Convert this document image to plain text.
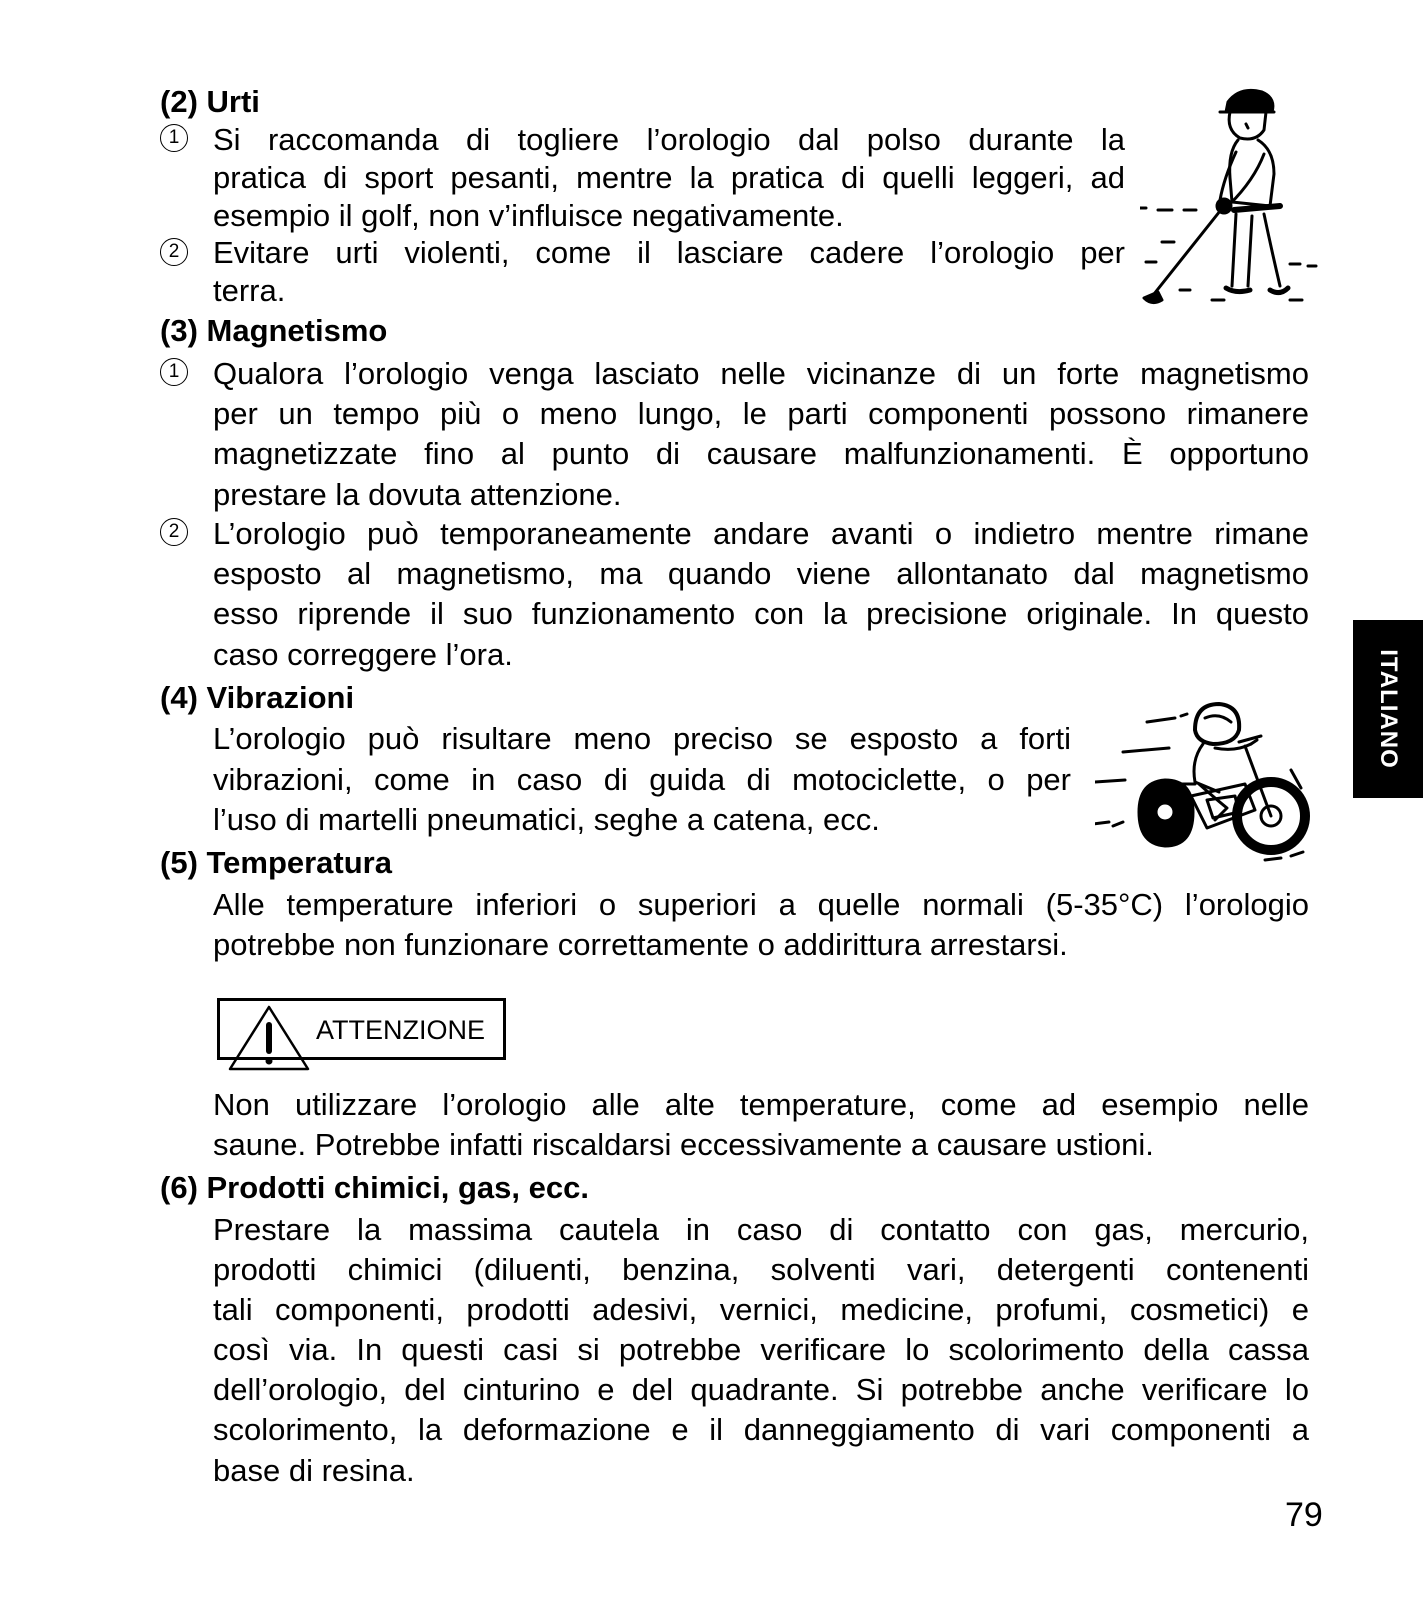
(2) Urti
1 Si raccomanda di togliere l’orologio dal polso durante la
pratica di sport pesanti, mentre la pratica di quelli leggeri, ad
esempio il golf, non v’influisce negativamente.
2 Evitare urti violenti, come il lasciare cadere l’orologio per
terra.
(3) Magnetismo
1 Qualora l’orologio venga lasciato nelle vicinanze di un forte magnetismo
per un tempo più o meno lungo, le parti componenti possono rimanere
magnetizzate fino al punto di causare malfunzionamenti. È opportuno
prestare la dovuta attenzione.
2 L’orologio può temporaneamente andare avanti o indietro mentre rimane
esposto al magnetismo, ma quando viene allontanato dal magnetismo
esso riprende il suo funzionamento con la precisione originale. In questo
caso correggere l’ora.	ITALIANO
(4) Vibrazioni
L’orologio può risultare meno preciso se esposto a forti
vibrazioni, come in caso di guida di motociclette, o per
l’uso di martelli pneumatici, seghe a catena, ecc.
(5) Temperatura
Alle temperature inferiori o superiori a quelle normali (5-35°C) l’orologio
potrebbe non funzionare correttamente o addirittura arrestarsi.
ATTENZIONE
Non utilizzare l’orologio alle alte temperature, come ad esempio nelle
saune. Potrebbe infatti riscaldarsi eccessivamente a causare ustioni.
(6) Prodotti chimici, gas, ecc.
Prestare la massima cautela in caso di contatto con gas, mercurio,
prodotti chimici (diluenti, benzina, solventi vari, detergenti contenenti
tali componenti, prodotti adesivi, vernici, medicine, profumi, cosmetici) e
così via. In questi casi si potrebbe verificare lo scolorimento della cassa
dell’orologio, del cinturino e del quadrante. Si potrebbe anche verificare lo
scolorimento, la deformazione e il danneggiamento di vari componenti a
base di resina.
79
